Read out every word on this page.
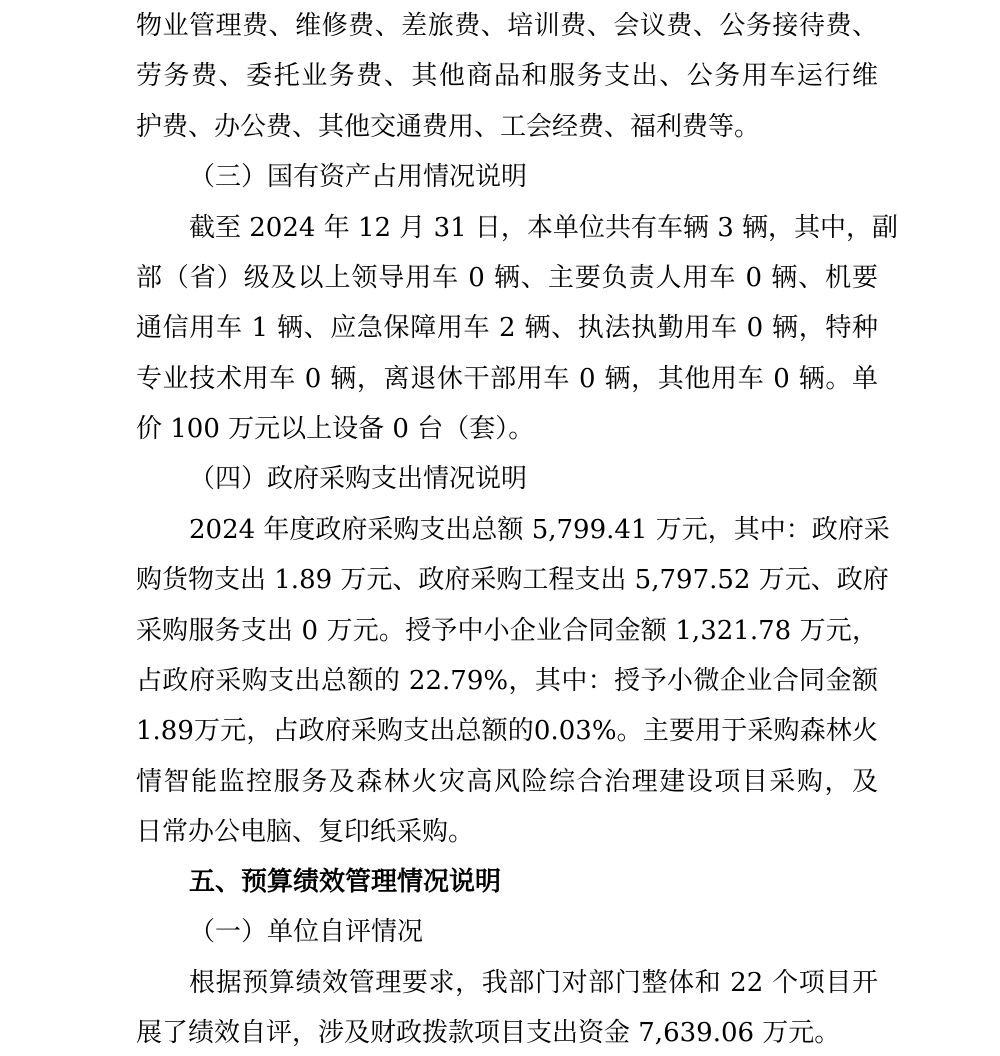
物业管理费、维修费、差旅费、培训费、会议费、公务接待费、
劳务费、委托业务费、其他商品和服务支出、公务用车运行维
护费、办公费、其他交通费用、工会经费、福利费等。
（三）国有资产占用情况说明
截至 2024 年 12 月 31 日，本单位共有车辆 3 辆，其中，副
部（省）级及以上领导用车 0 辆、主要负责人用车 0 辆、机要
通信用车 1 辆、应急保障用车 2 辆、执法执勤用车 0 辆，特种
专业技术用车 0 辆，离退休干部用车 0 辆，其他用车 0 辆。单
价 100 万元以上设备 0 台（套）。
（四）政府采购支出情况说明
2024 年度政府采购支出总额 5,799.41 万元，其中：政府采
购货物支出 1.89 万元、政府采购工程支出 5,797.52 万元、政府
采购服务支出 0 万元。授予中小企业合同金额 1,321.78 万元，
占政府采购支出总额的 22.79%，其中：授予小微企业合同金额
1.89万元，占政府采购支出总额的0.03%。主要用于采购森林火
情智能监控服务及森林火灾高风险综合治理建设项目采购，及
日常办公电脑、复印纸采购。
五、预算绩效管理情况说明
（一）单位自评情况
根据预算绩效管理要求，我部门对部门整体和 22 个项目开
展了绩效自评，涉及财政拨款项目支出资金 7,639.06 万元。
